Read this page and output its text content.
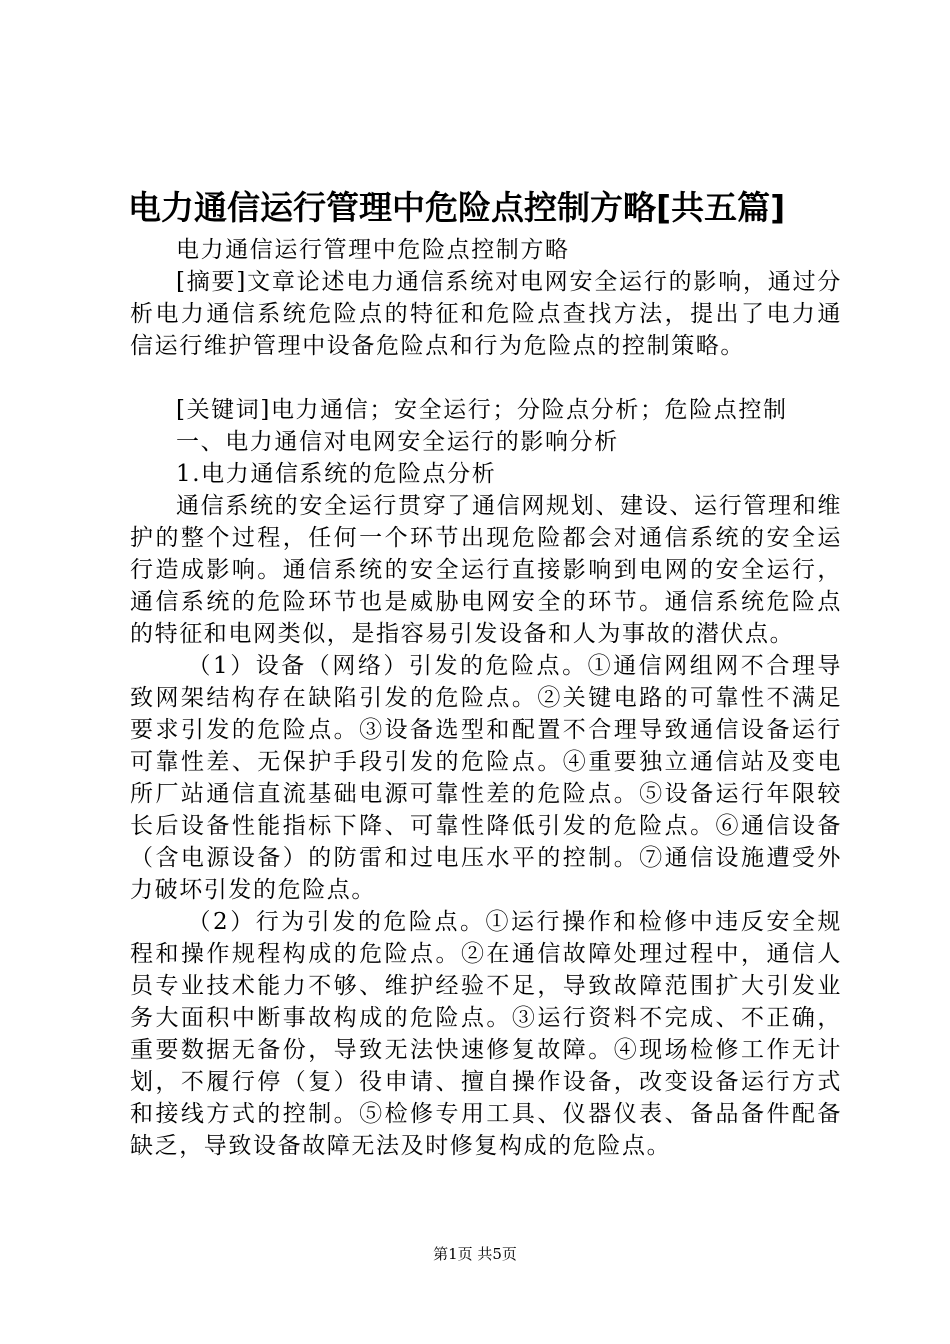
电力通信运行管理中危险点控制方略[共五篇]

电力通信运行管理中危险点控制方略

[摘要]文章论述电力通信系统对电网安全运行的影响，通过分析电力通信系统危险点的特征和危险点查找方法，提出了电力通信运行维护管理中设备危险点和行为危险点的控制策略。

[关键词]电力通信；安全运行；分险点分析；危险点控制

一、电力通信对电网安全运行的影响分析

1.电力通信系统的危险点分析

通信系统的安全运行贯穿了通信网规划、建设、运行管理和维护的整个过程，任何一个环节出现危险都会对通信系统的安全运行造成影响。通信系统的安全运行直接影响到电网的安全运行，通信系统的危险环节也是威胁电网安全的环节。通信系统危险点的特征和电网类似，是指容易引发设备和人为事故的潜伏点。

（1）设备（网络）引发的危险点。①通信网组网不合理导致网架结构存在缺陷引发的危险点。②关键电路的可靠性不满足要求引发的危险点。③设备选型和配置不合理导致通信设备运行可靠性差、无保护手段引发的危险点。④重要独立通信站及变电所厂站通信直流基础电源可靠性差的危险点。⑤设备运行年限较长后设备性能指标下降、可靠性降低引发的危险点。⑥通信设备（含电源设备）的防雷和过电压水平的控制。⑦通信设施遭受外力破坏引发的危险点。

（2）行为引发的危险点。①运行操作和检修中违反安全规程和操作规程构成的危险点。②在通信故障处理过程中，通信人员专业技术能力不够、维护经验不足，导致故障范围扩大引发业务大面积中断事故构成的危险点。③运行资料不完成、不正确，重要数据无备份，导致无法快速修复故障。④现场检修工作无计划，不履行停（复）役申请、擅自操作设备，改变设备运行方式和接线方式的控制。⑤检修专用工具、仪器仪表、备品备件配备缺乏，导致设备故障无法及时修复构成的危险点。

第1页 共5页
